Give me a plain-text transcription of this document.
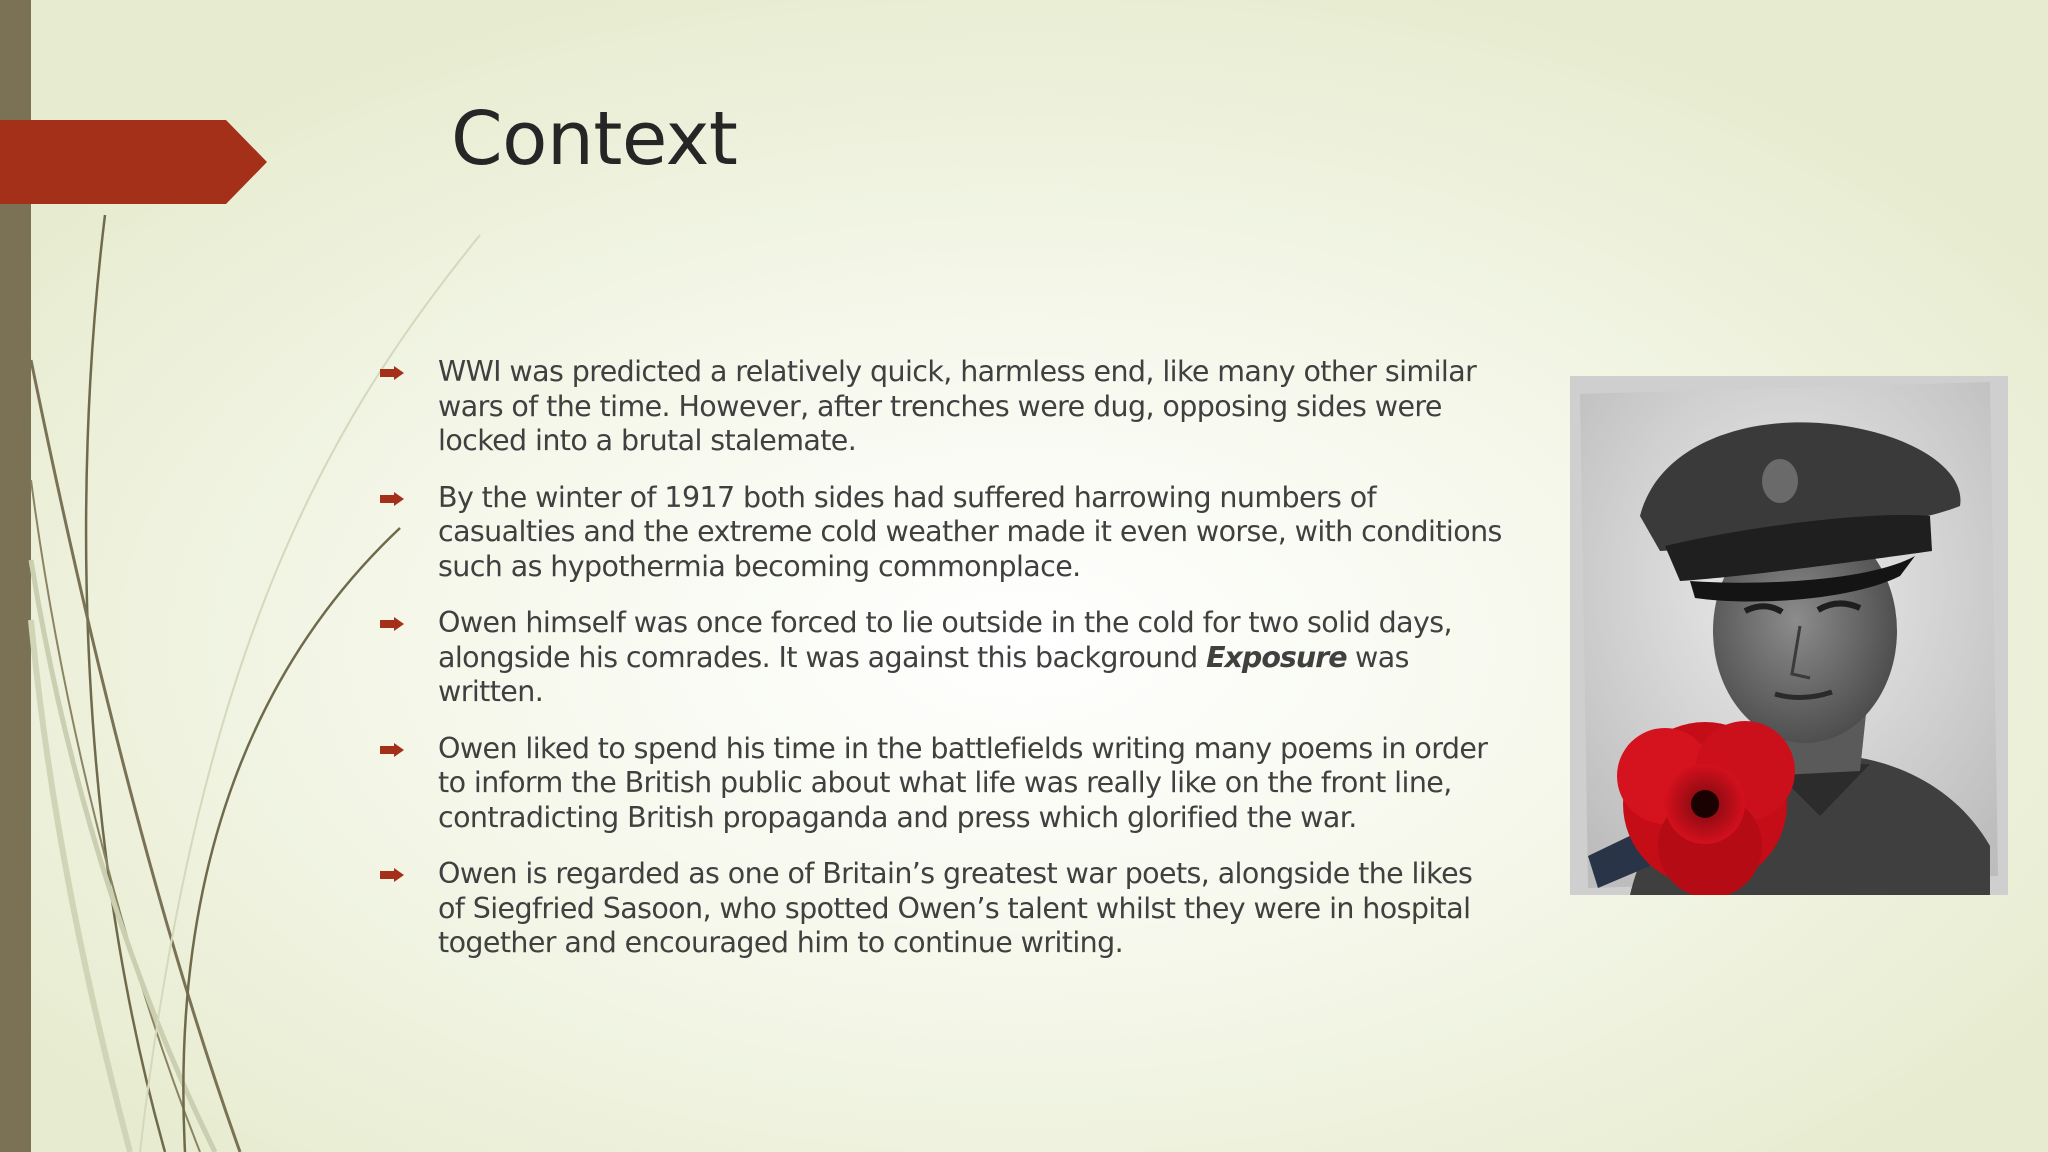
Context
WWI was predicted a relatively quick, harmless end, like many other similar
wars of the time. However, after trenches were dug, opposing sides were
locked into a brutal stalemate.
By the winter of 1917 both sides had suffered harrowing numbers of
casualties and the extreme cold weather made it even worse, with conditions
such as hypothermia becoming commonplace.
Owen himself was once forced to lie outside in the cold for two solid days,
alongside his comrades. It was against this background Exposure was
written.
Owen liked to spend his time in the battlefields writing many poems in order
to inform the British public about what life was really like on the front line,
contradicting British propaganda and press which glorified the war.
Owen is regarded as one of Britain’s greatest war poets, alongside the likes
of Siegfried Sasoon, who spotted Owen’s talent whilst they were in hospital
together and encouraged him to continue writing.
